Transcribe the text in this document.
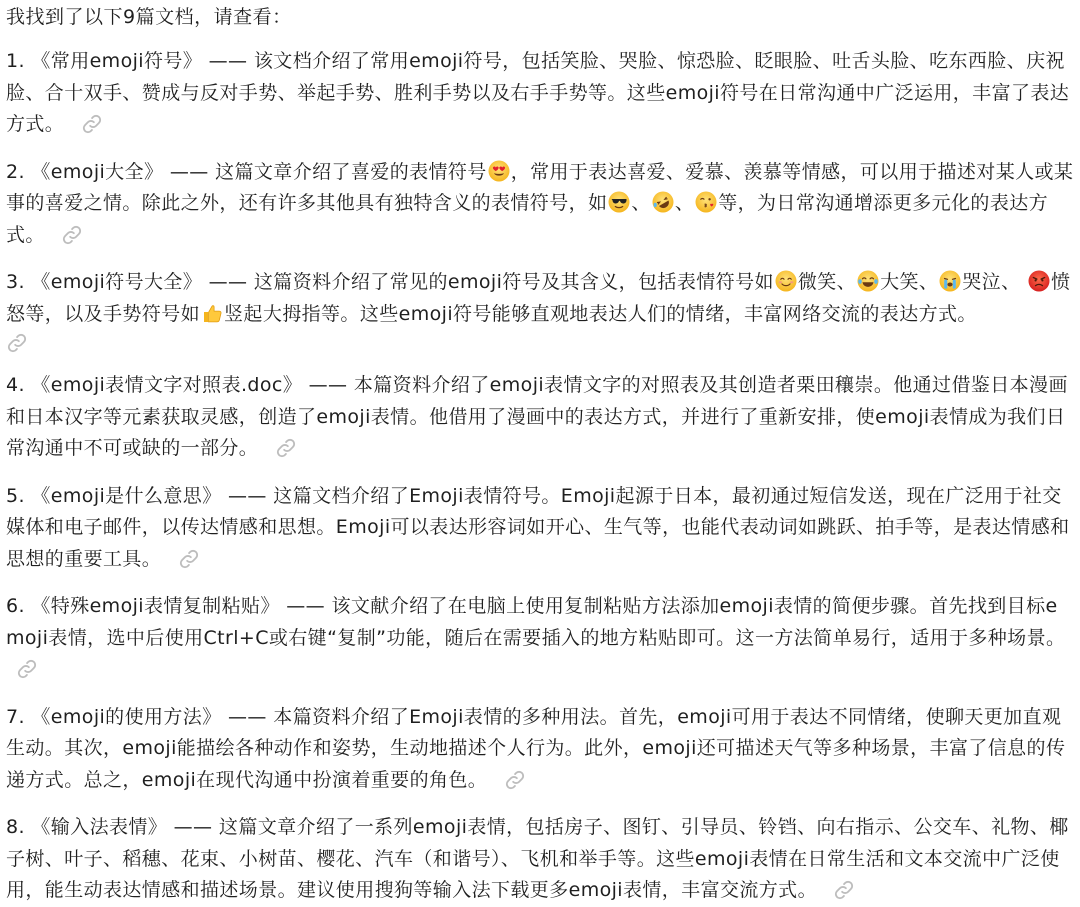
我找到了以下9篇文档，请查看：
1. 《常用emoji符号》 —— 该文档介绍了常用emoji符号，包括笑脸、哭脸、惊恐脸、眨眼脸、吐舌头脸、吃东西脸、庆祝脸、合十双手、赞成与反对手势、举起手势、胜利手势以及右手手势等。这些emoji符号在日常沟通中广泛运用，丰富了表达方式。
2. 《emoji大全》 —— 这篇文章介绍了喜爱的表情符号 ，常用于表达喜爱、爱慕、羡慕等情感，可以用于描述对某人或某事的喜爱之情。除此之外，还有许多其他具有独特含义的表情符号，如 、 、 等，为日常沟通增添更多元化的表达方式。
3. 《emoji符号大全》 —— 这篇资料介绍了常见的emoji符号及其含义，包括表情符号如 微笑、 大笑、 哭泣、 愤怒等，以及手势符号如 竖起大拇指等。这些emoji符号能够直观地表达人们的情绪，丰富网络交流的表达方式。
4. 《emoji表情文字对照表.doc》 —— 本篇资料介绍了emoji表情文字的对照表及其创造者栗田穰崇。他通过借鉴日本漫画和日本汉字等元素获取灵感，创造了emoji表情。他借用了漫画中的表达方式，并进行了重新安排，使emoji表情成为我们日常沟通中不可或缺的一部分。
5. 《emoji是什么意思》 —— 这篇文档介绍了Emoji表情符号。Emoji起源于日本，最初通过短信发送，现在广泛用于社交媒体和电子邮件，以传达情感和思想。Emoji可以表达形容词如开心、生气等，也能代表动词如跳跃、拍手等，是表达情感和思想的重要工具。
6. 《特殊emoji表情复制粘贴》 —— 该文献介绍了在电脑上使用复制粘贴方法添加emoji表情的简便步骤。首先找到目标emoji表情，选中后使用Ctrl+C或右键“复制”功能，随后在需要插入的地方粘贴即可。这一方法简单易行，适用于多种场景。
7. 《emoji的使用方法》 —— 本篇资料介绍了Emoji表情的多种用法。首先，emoji可用于表达不同情绪，使聊天更加直观生动。其次，emoji能描绘各种动作和姿势，生动地描述个人行为。此外，emoji还可描述天气等多种场景，丰富了信息的传递方式。总之，emoji在现代沟通中扮演着重要的角色。
8. 《输入法表情》 —— 这篇文章介绍了一系列emoji表情，包括房子、图钉、引导员、铃铛、向右指示、公交车、礼物、椰子树、叶子、稻穗、花束、小树苗、樱花、汽车（和谐号）、飞机和举手等。这些emoji表情在日常生活和文本交流中广泛使用，能生动表达情感和描述场景。建议使用搜狗等输入法下载更多emoji表情，丰富交流方式。
